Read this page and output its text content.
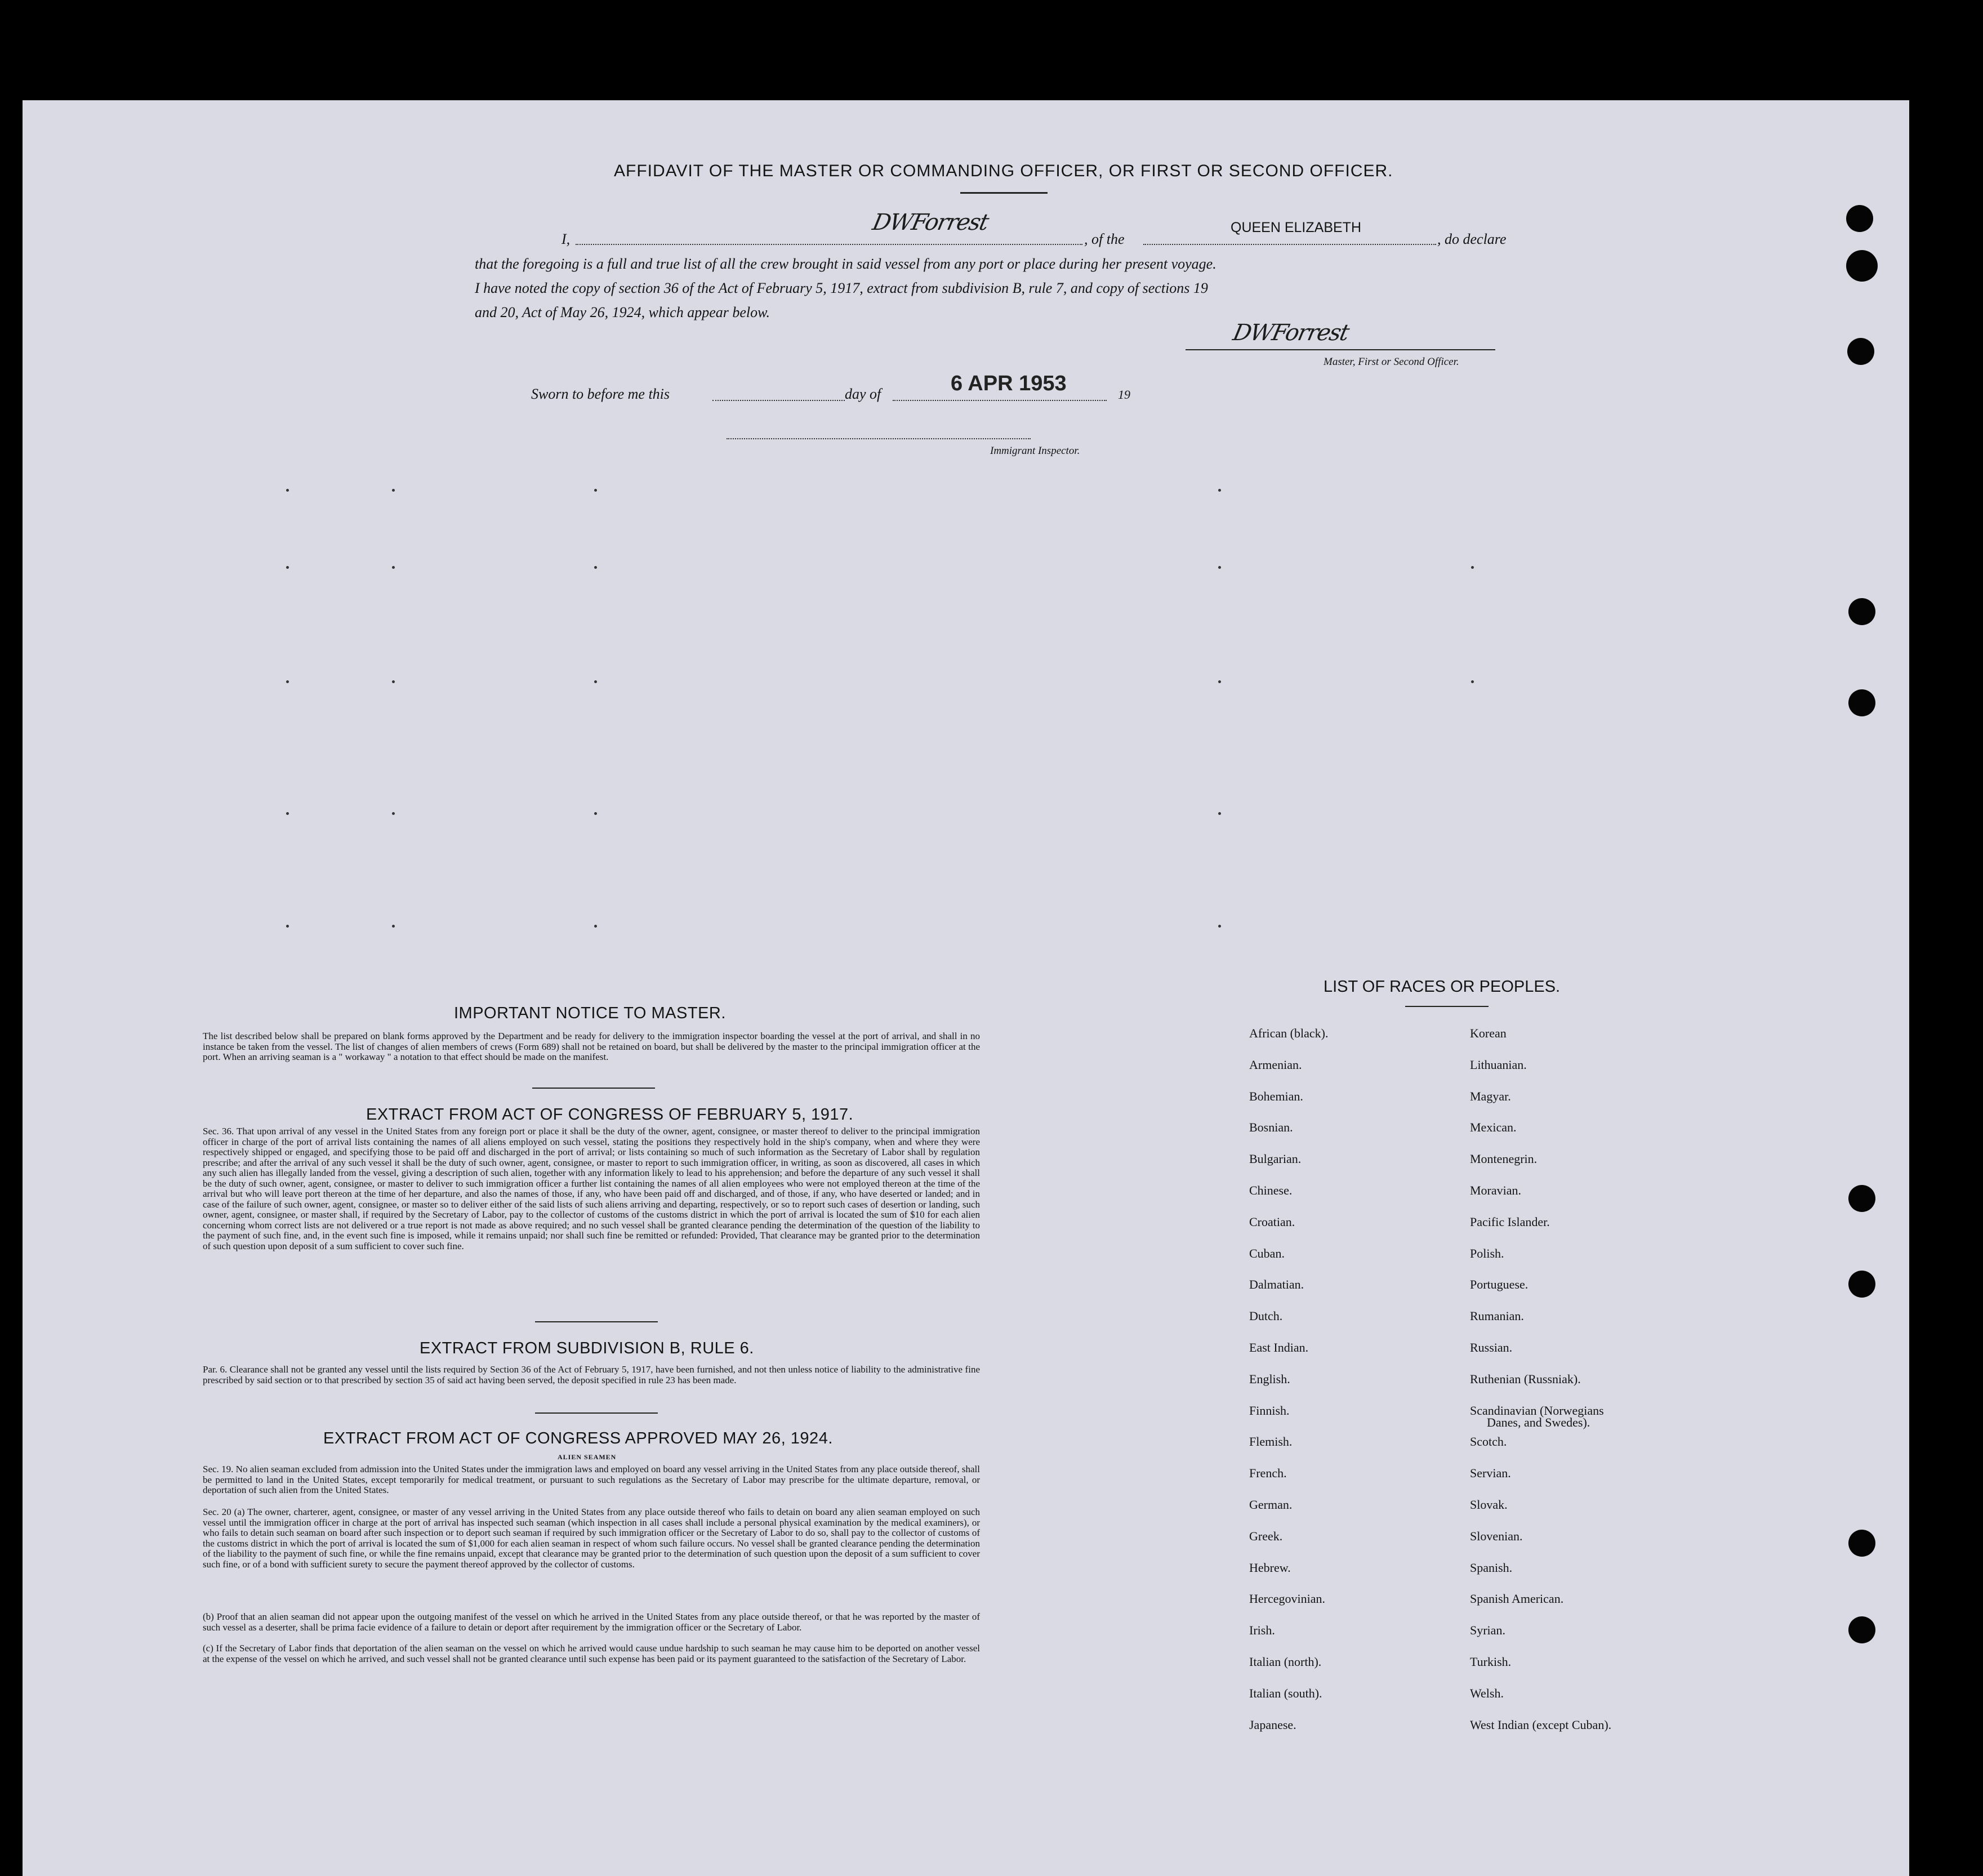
AFFIDAVIT OF THE MASTER OR COMMANDING OFFICER, OR FIRST OR SECOND OFFICER.
I,
DWForrest
, of the
QUEEN ELIZABETH
, do declare
that the foregoing is a full and true list of all the crew brought in said vessel from any port or place during her present voyage.
I have noted the copy of section 36 of the Act of February 5, 1917, extract from subdivision B, rule 7, and copy of sections 19
and 20, Act of May 26, 1924, which appear below.
DWForrest
Master, First or Second Officer.
Sworn to before me this	day of	6 APR 1953	19
Immigrant Inspector.
IMPORTANT NOTICE TO MASTER.

The list described below shall be prepared on blank forms approved by the Department and be ready for delivery to the immigration inspector boarding the vessel at the port of arrival, and shall in no instance be taken from the vessel. The list of changes of alien members of crews (Form 689) shall not be retained on board, but shall be delivered by the master to the principal immigration officer at the port. When an arriving seaman is a " workaway " a notation to that effect should be made on the manifest.

EXTRACT FROM ACT OF CONGRESS OF FEBRUARY 5, 1917.

Sec. 36. That upon arrival of any vessel in the United States from any foreign port or place it shall be the duty of the owner, agent, consignee, or master thereof to deliver to the principal immigration officer in charge of the port of arrival lists containing the names of all aliens employed on such vessel, stating the positions they respectively hold in the ship's company, when and where they were respectively shipped or engaged, and specifying those to be paid off and discharged in the port of arrival; or lists containing so much of such information as the Secretary of Labor shall by regulation prescribe; and after the arrival of any such vessel it shall be the duty of such owner, agent, consignee, or master to report to such immigration officer, in writing, as soon as discovered, all cases in which any such alien has illegally landed from the vessel, giving a description of such alien, together with any information likely to lead to his apprehension; and before the departure of any such vessel it shall be the duty of such owner, agent, consignee, or master to deliver to such immigration officer a further list containing the names of all alien employees who were not employed thereon at the time of the arrival but who will leave port thereon at the time of her departure, and also the names of those, if any, who have been paid off and discharged, and of those, if any, who have deserted or landed; and in case of the failure of such owner, agent, consignee, or master so to deliver either of the said lists of such aliens arriving and departing, respectively, or so to report such cases of desertion or landing, such owner, agent, consignee, or master shall, if required by the Secretary of Labor, pay to the collector of customs of the customs district in which the port of arrival is located the sum of $10 for each alien concerning whom correct lists are not delivered or a true report is not made as above required; and no such vessel shall be granted clearance pending the determination of the question of the liability to the payment of such fine, and, in the event such fine is imposed, while it remains unpaid; nor shall such fine be remitted or refunded: Provided, That clearance may be granted prior to the determination of such question upon deposit of a sum sufficient to cover such fine.

EXTRACT FROM SUBDIVISION B, RULE 6.

Par. 6. Clearance shall not be granted any vessel until the lists required by Section 36 of the Act of February 5, 1917, have been furnished, and not then unless notice of liability to the administrative fine prescribed by said section or to that prescribed by section 35 of said act having been served, the deposit specified in rule 23 has been made.

EXTRACT FROM ACT OF CONGRESS APPROVED MAY 26, 1924.
ALIEN SEAMEN

Sec. 19. No alien seaman excluded from admission into the United States under the immigration laws and employed on board any vessel arriving in the United States from any place outside thereof, shall be permitted to land in the United States, except temporarily for medical treatment, or pursuant to such regulations as the Secretary of Labor may prescribe for the ultimate departure, removal, or deportation of such alien from the United States.

Sec. 20 (a) The owner, charterer, agent, consignee, or master of any vessel arriving in the United States from any place outside thereof who fails to detain on board any alien seaman employed on such vessel until the immigration officer in charge at the port of arrival has inspected such seaman (which inspection in all cases shall include a personal physical examination by the medical examiners), or who fails to detain such seaman on board after such inspection or to deport such seaman if required by such immigration officer or the Secretary of Labor to do so, shall pay to the collector of customs of the customs district in which the port of arrival is located the sum of $1,000 for each alien seaman in respect of whom such failure occurs. No vessel shall be granted clearance pending the determination of the liability to the payment of such fine, or while the fine remains unpaid, except that clearance may be granted prior to the determination of such question upon the deposit of a sum sufficient to cover such fine, or of a bond with sufficient surety to secure the payment thereof approved by the collector of customs.

(b) Proof that an alien seaman did not appear upon the outgoing manifest of the vessel on which he arrived in the United States from any place outside thereof, or that he was reported by the master of such vessel as a deserter, shall be prima facie evidence of a failure to detain or deport after requirement by the immigration officer or the Secretary of Labor.

(c) If the Secretary of Labor finds that deportation of the alien seaman on the vessel on which he arrived would cause undue hardship to such seaman he may cause him to be deported on another vessel at the expense of the vessel on which he arrived, and such vessel shall not be granted clearance until such expense has been paid or its payment guaranteed to the satisfaction of the Secretary of Labor.

LIST OF RACES OR PEOPLES.
African (black).
Armenian.
Bohemian.
Bosnian.
Bulgarian.
Chinese.
Croatian.
Cuban.
Dalmatian.
Dutch.
East Indian.
English.
Finnish.
Flemish.
French.
German.
Greek.
Hebrew.
Hercegovinian.
Irish.
Italian (north).
Italian (south).
Japanese.
Korean
Lithuanian.
Magyar.
Mexican.
Montenegrin.
Moravian.
Pacific Islander.
Polish.
Portuguese.
Rumanian.
Russian.
Ruthenian (Russniak).
Scandinavian (Norwegians
Scotch.
Servian.
Slovak.
Slovenian.
Spanish.
Spanish American.
Syrian.
Turkish.
Welsh.
West Indian (except Cuban).
Danes, and Swedes).
